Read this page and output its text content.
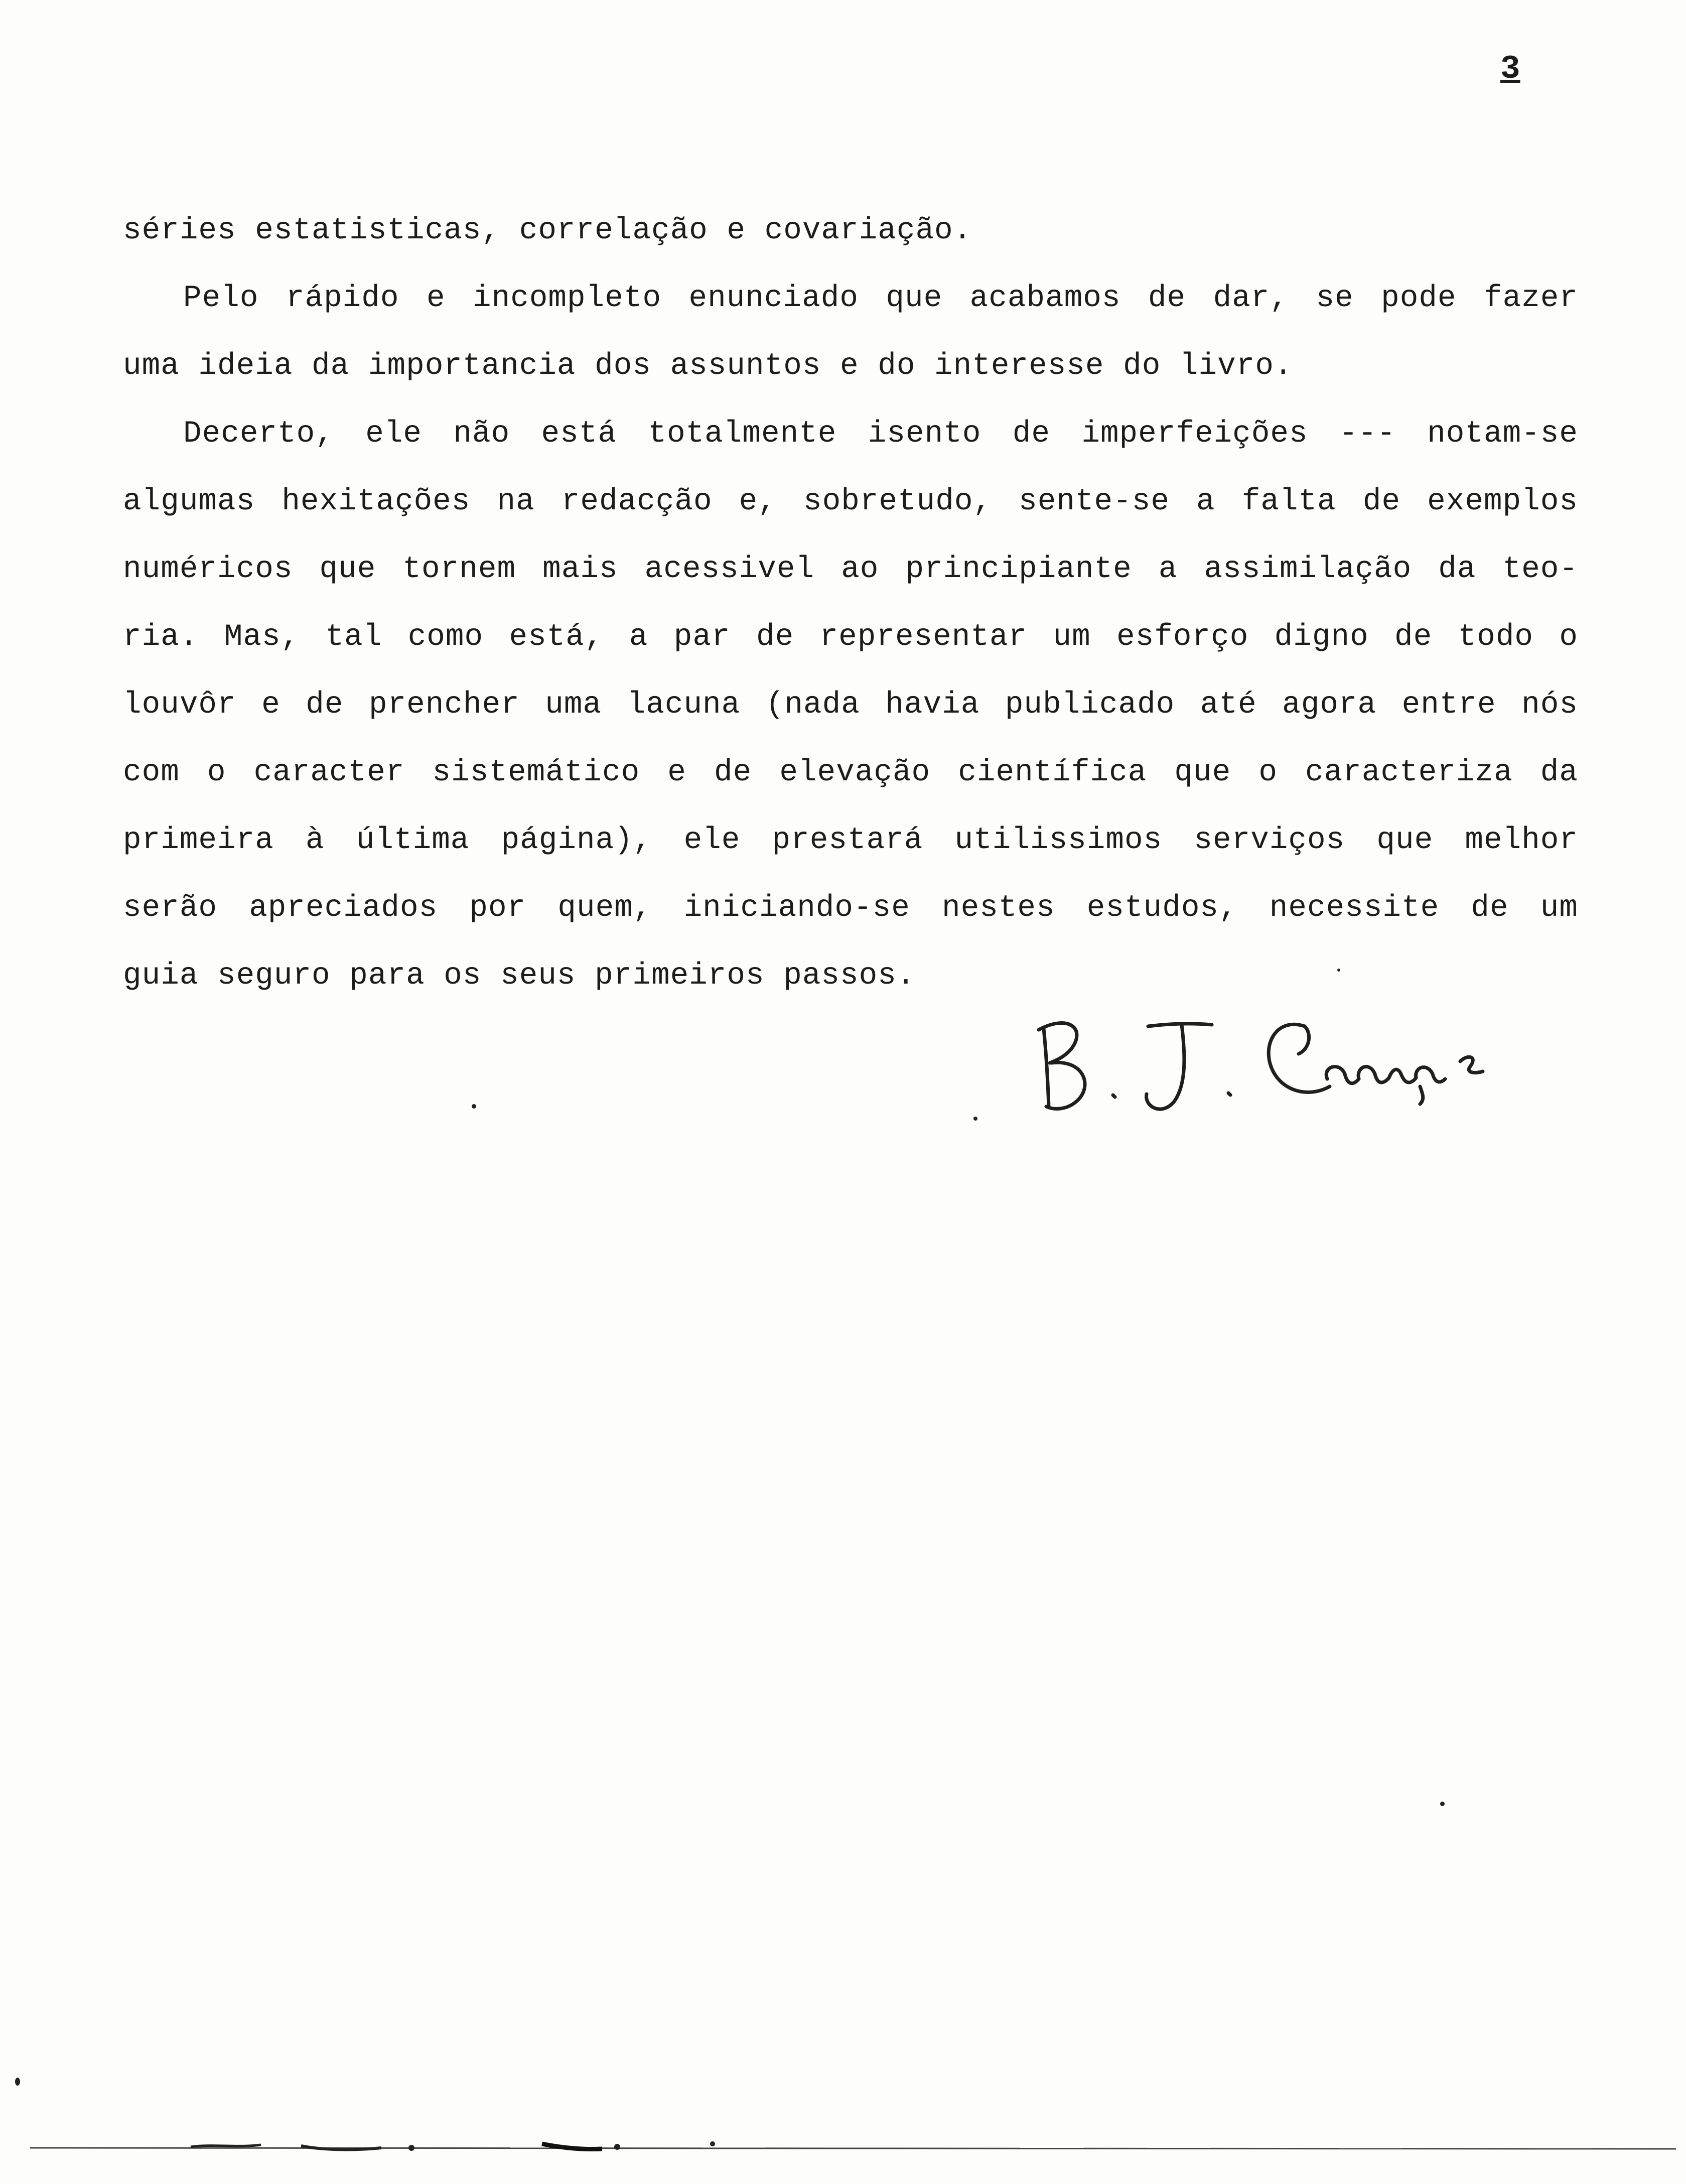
3
séries estatisticas, correlação e covariação.
Pelo rápido e incompleto enunciado que acabamos de dar, se pode fazer
uma ideia da importancia dos assuntos e do interesse do livro.
Decerto, ele não está totalmente isento de imperfeições --- notam-se
algumas hexitações na redacção e, sobretudo, sente-se a falta de exemplos
numéricos que tornem mais acessivel ao principiante a assimilação da teo-
ria. Mas, tal como está, a par de representar um esforço digno de todo o
louvôr e de prencher uma lacuna (nada havia publicado até agora entre nós
com o caracter sistemático e de elevação científica que o caracteriza da
primeira à última página), ele prestará utilissimos serviços que melhor
serão apreciados por quem, iniciando-se nestes estudos, necessite de um
guia seguro para os seus primeiros passos.
